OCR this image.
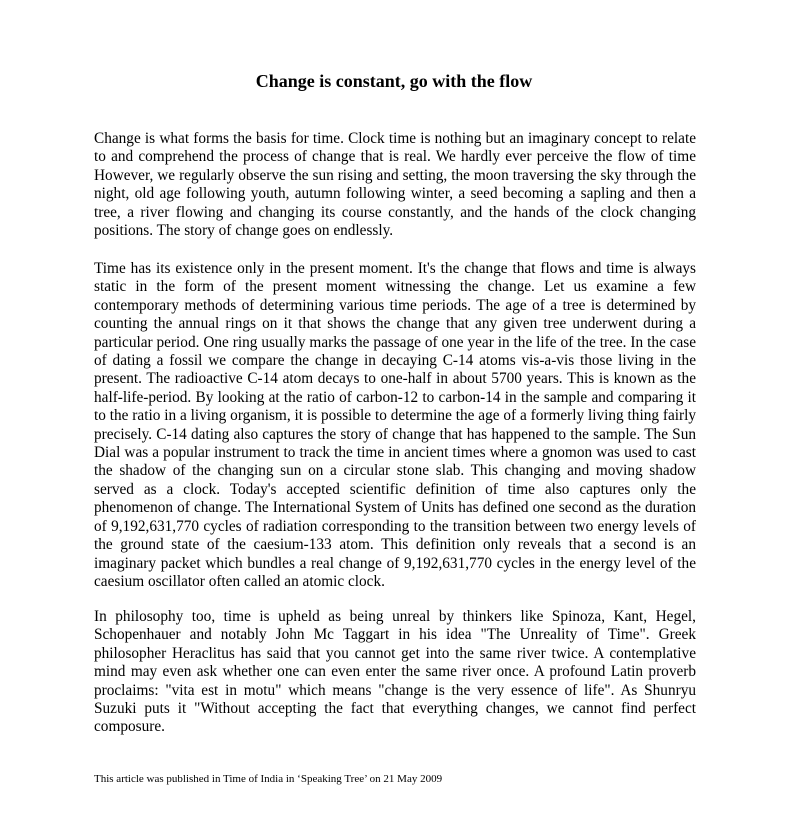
Change is constant, go with the flow

Change is what forms the basis for time. Clock time is nothing but an imaginary concept to relate to and comprehend the process of change that is real. We hardly ever perceive the flow of time However, we regularly observe the sun rising and setting, the moon traversing the sky through the night, old age following youth, autumn following winter, a seed becoming a sapling and then a tree, a river flowing and changing its course constantly, and the hands of the clock changing positions. The story of change goes on endlessly.

Time has its existence only in the present moment. It's the change that flows and time is always static in the form of the present moment witnessing the change. Let us examine a few contemporary methods of determining various time periods. The age of a tree is determined by counting the annual rings on it that shows the change that any given tree underwent during a particular period. One ring usually marks the passage of one year in the life of the tree. In the case of dating a fossil we compare the change in decaying C-14 atoms vis-a-vis those living in the present. The radioactive C-14 atom decays to one-half in about 5700 years. This is known as the half-life-period. By looking at the ratio of carbon-12 to carbon-14 in the sample and comparing it to the ratio in a living organism, it is possible to determine the age of a formerly living thing fairly precisely. C-14 dating also captures the story of change that has happened to the sample. The Sun Dial was a popular instrument to track the time in ancient times where a gnomon was used to cast the shadow of the changing sun on a circular stone slab. This changing and moving shadow served as a clock. Today's accepted scientific definition of time also captures only the phenomenon of change. The International System of Units has defined one second as the duration of 9,192,631,770 cycles of radiation corresponding to the transition between two energy levels of the ground state of the caesium-133 atom. This definition only reveals that a second is an imaginary packet which bundles a real change of 9,192,631,770 cycles in the energy level of the caesium oscillator often called an atomic clock.

In philosophy too, time is upheld as being unreal by thinkers like Spinoza, Kant, Hegel, Schopenhauer and notably John Mc Taggart in his idea "The Unreality of Time". Greek philosopher Heraclitus has said that you cannot get into the same river twice. A contemplative mind may even ask whether one can even enter the same river once. A profound Latin proverb proclaims: "vita est in motu" which means "change is the very essence of life". As Shunryu Suzuki puts it "Without accepting the fact that everything changes, we cannot find perfect composure.

This article was published in Time of India in ‘Speaking Tree’ on 21 May 2009
